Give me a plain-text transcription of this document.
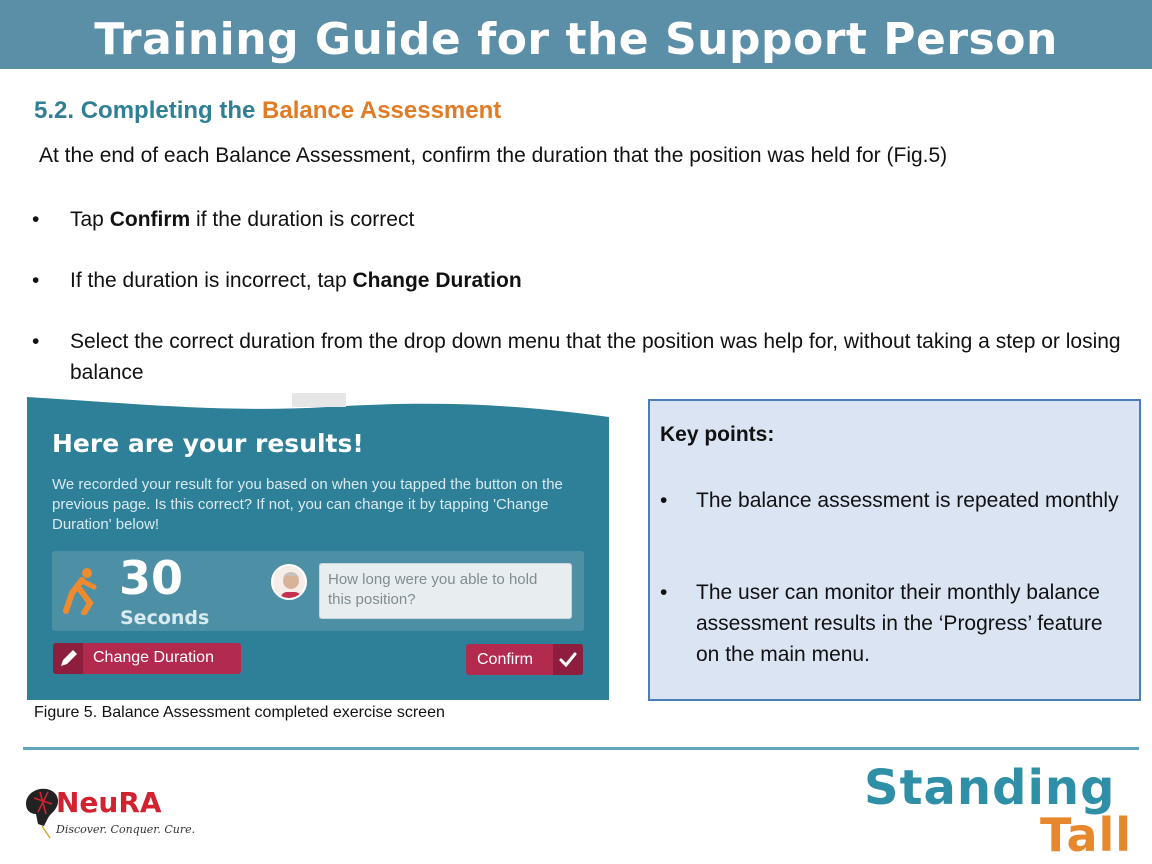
Training Guide for the Support Person
5.2. Completing the Balance Assessment
At the end of each Balance Assessment, confirm the duration that the position was held for (Fig.5)
• Tap Confirm if the duration is correct
• If the duration is incorrect, tap Change Duration
• Select the correct duration from the drop down menu that the position was help for, without taking a step or losing balance
Here are your results!
We recorded your result for you based on when you tapped the button on the previous page. Is this correct? If not, you can change it by tapping 'Change Duration' below!
30
Seconds
How long were you able to hold this position?
Change Duration	Confirm
Figure 5. Balance Assessment completed exercise screen
Key points:
• The balance assessment is repeated monthly
• The user can monitor their monthly balance assessment results in the ‘Progress’ feature on the main menu.
NeuRA
Discover. Conquer. Cure.
Standing
Tall
